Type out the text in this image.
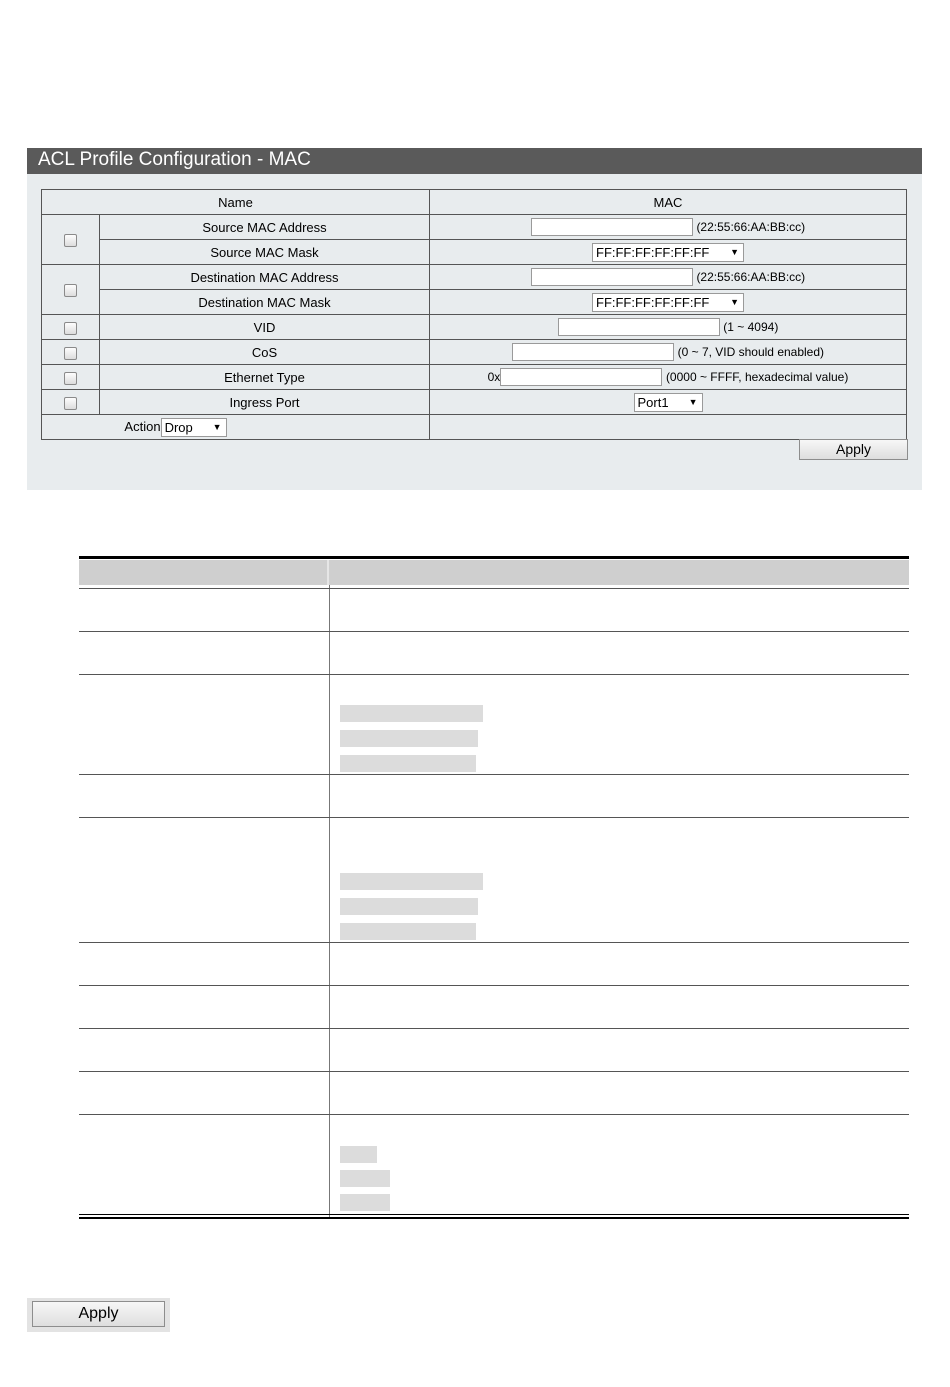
ACL Profile Configuration - MAC
Name		MAC
	Source MAC Address	(22:55:66:AA:BB:cc)
	Source MAC Mask	FF:FF:FF:FF:FF:FF ▼

	Destination MAC Address	(22:55:66:AA:BB:cc)
	Destination MAC Mask	FF:FF:FF:FF:FF:FF ▼

	VID	(1 ~ 4094)
	CoS	(0 ~ 7, VID should enabled)
	Ethernet Type	0x (0000 ~ FFFF, hexadecimal value)
	Ingress Port	Port1 ▼

Action Drop ▼		

Apply
Apply
